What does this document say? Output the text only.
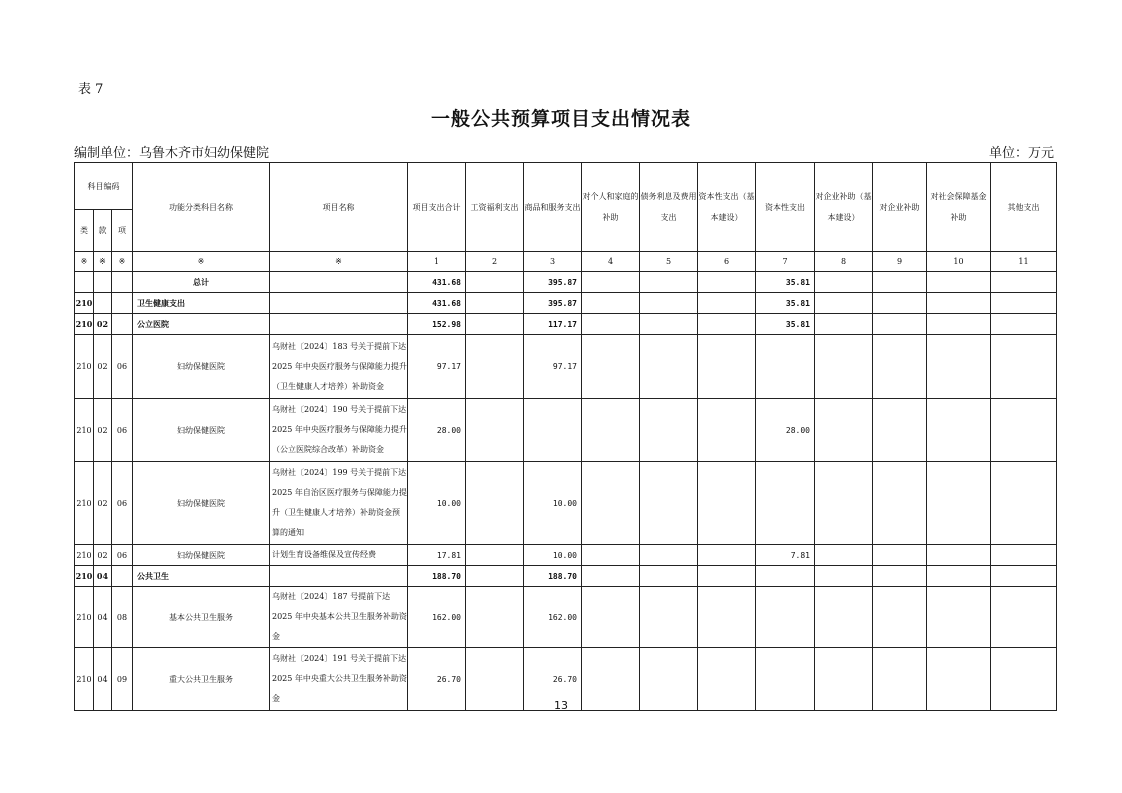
表 7
一般公共预算项目支出情况表
编制单位：乌鲁木齐市妇幼保健院	单位：万元
科目编码			功能分类科目名称	项目名称	项目支出合计	工资福利支出	商品和服务支出	对个人和家庭的补助	债务利息及费用支出	资本性支出（基本建设）	资本性支出	对企业补助（基本建设）	对企业补助	对社会保障基金补助	其他支出
类	款	项													
※	※	※	※	※	1	2	3	4	5	6	7	8	9	10	11
			总计		431.68		395.87				35.81				
210			卫生健康支出		431.68		395.87				35.81				
210	02		公立医院		152.98		117.17				35.81				
210	02	06	妇幼保健医院	乌财社〔2024〕183 号关于提前下达 2025 年中央医疗服务与保障能力提升（卫生健康人才培养）补助资金	97.17		97.17								
210	02	06	妇幼保健医院	乌财社〔2024〕190 号关于提前下达 2025 年中央医疗服务与保障能力提升（公立医院综合改革）补助资金	28.00						28.00				
210	02	06	妇幼保健医院	乌财社〔2024〕199 号关于提前下达 2025 年自治区医疗服务与保障能力提升（卫生健康人才培养）补助资金预算的通知	10.00		10.00								
210	02	06	妇幼保健医院	计划生育设备维保及宣传经费	17.81		10.00				7.81				
210	04		公共卫生		188.70		188.70								
210	04	08	基本公共卫生服务	乌财社〔2024〕187 号提前下达 2025 年中央基本公共卫生服务补助资金	162.00		162.00								
210	04	09	重大公共卫生服务	乌财社〔2024〕191 号关于提前下达 2025 年中央重大公共卫生服务补助资金	26.70		26.70								
13
